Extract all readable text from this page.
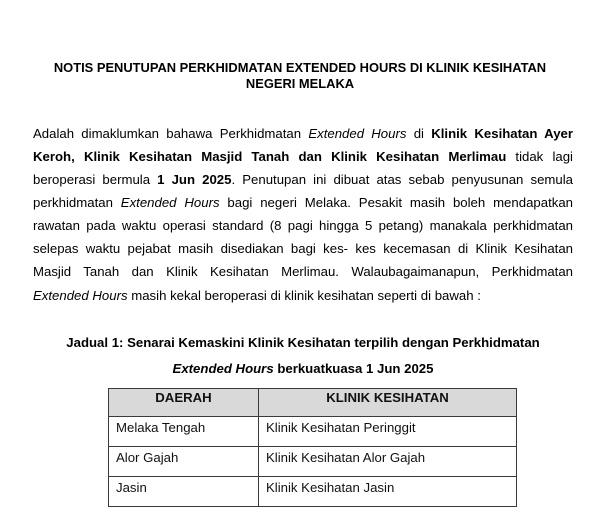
NOTIS PENUTUPAN PERKHIDMATAN EXTENDED HOURS DI KLINIK KESIHATAN
NEGERI MELAKA
Adalah dimaklumkan bahawa Perkhidmatan Extended Hours di Klinik Kesihatan Ayer
Keroh, Klinik Kesihatan Masjid Tanah dan Klinik Kesihatan Merlimau tidak lagi
beroperasi bermula 1 Jun 2025. Penutupan ini dibuat atas sebab penyusunan semula
perkhidmatan Extended Hours bagi negeri Melaka. Pesakit masih boleh mendapatkan
rawatan pada waktu operasi standard (8 pagi hingga 5 petang) manakala perkhidmatan
selepas waktu pejabat masih disediakan bagi kes- kes kecemasan di Klinik Kesihatan
Masjid Tanah dan Klinik Kesihatan Merlimau. Walaubagaimanapun, Perkhidmatan
Extended Hours masih kekal beroperasi di klinik kesihatan seperti di bawah :
Jadual 1: Senarai Kemaskini Klinik Kesihatan terpilih dengan Perkhidmatan
Extended Hours berkuatkuasa 1 Jun 2025
DAERAH	KLINIK KESIHATAN
Melaka Tengah	Klinik Kesihatan Peringgit
Alor Gajah	Klinik Kesihatan Alor Gajah
Jasin	Klinik Kesihatan Jasin
